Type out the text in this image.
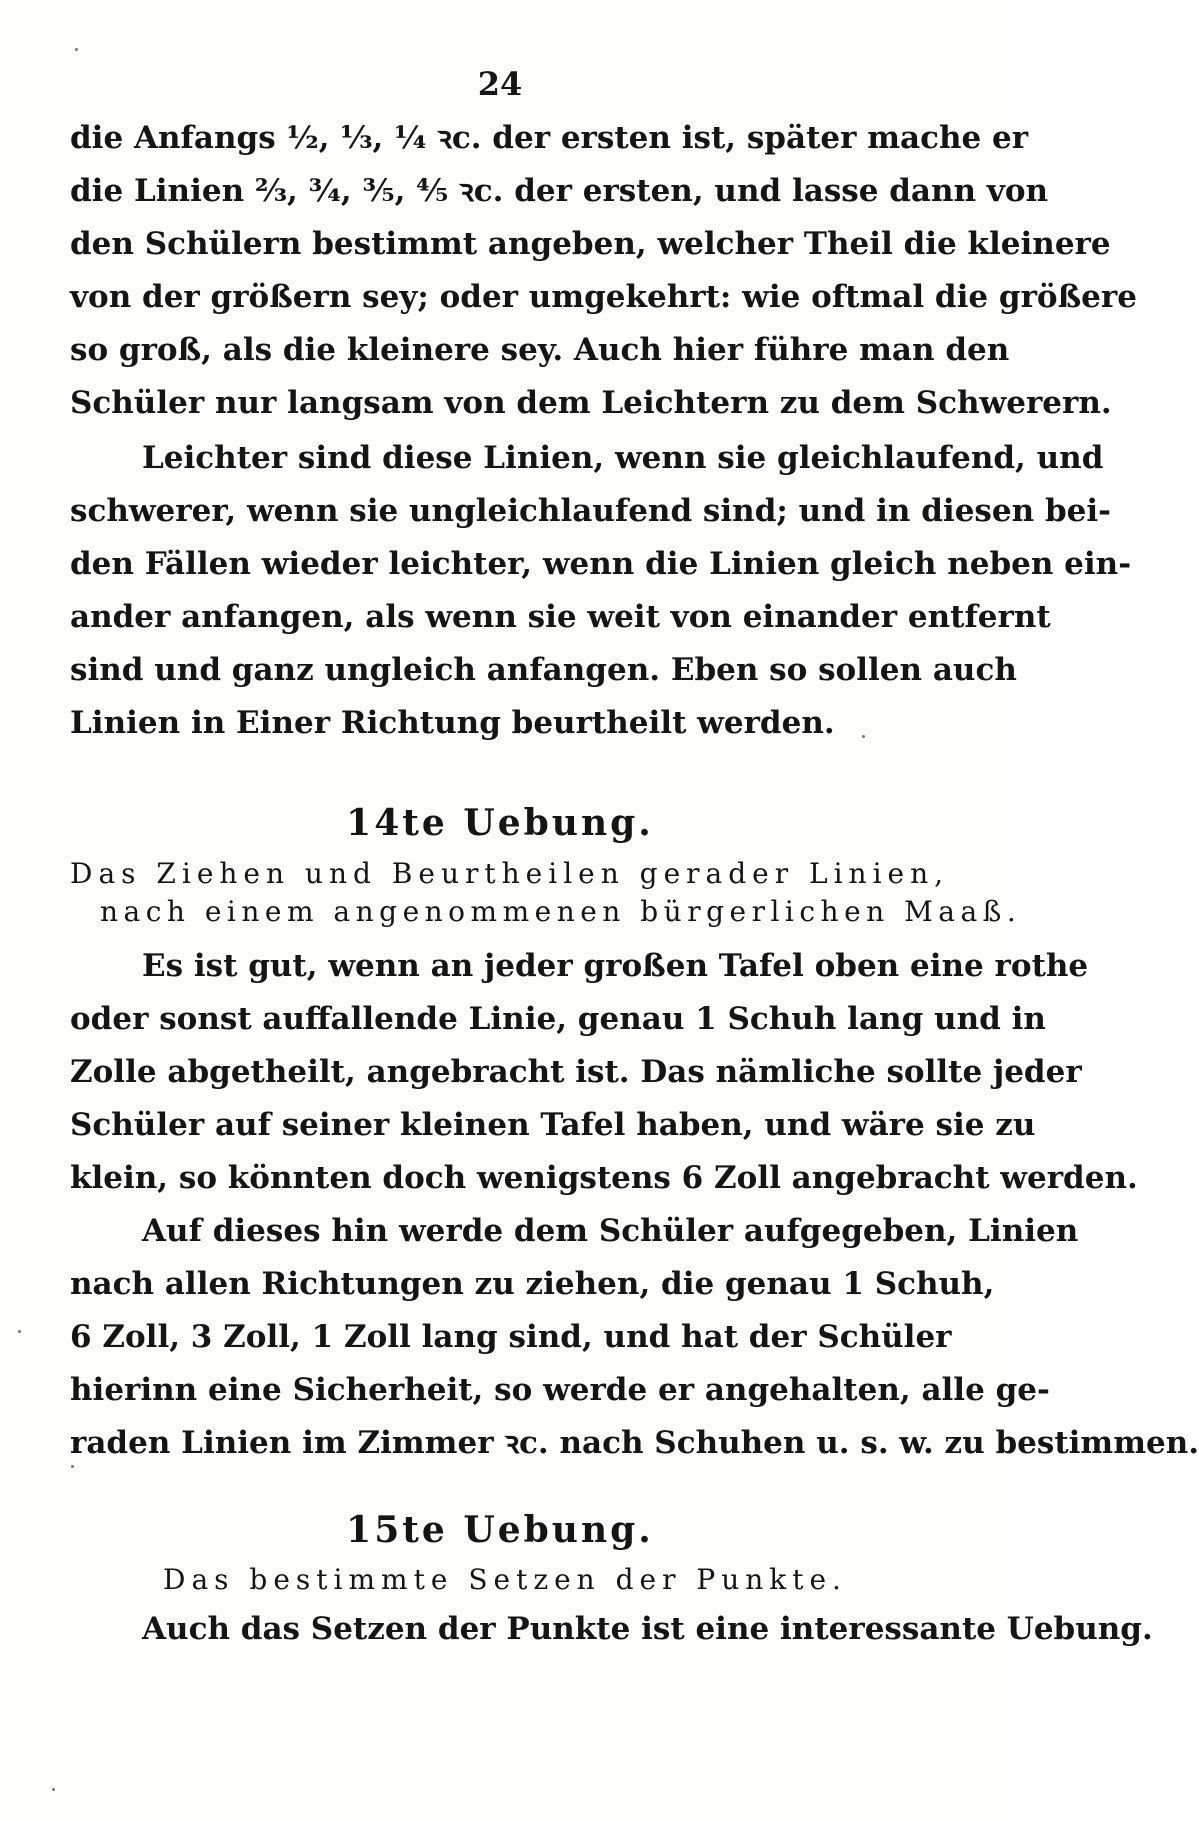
24
die Anfangs ½, ⅓, ¼ ꝛc. der ersten ist, später mache er
die Linien ⅔, ¾, ⅗, ⅘ ꝛc. der ersten, und lasse dann von
den Schülern bestimmt angeben, welcher Theil die kleinere
von der größern sey; oder umgekehrt: wie oftmal die größere
so groß, als die kleinere sey. Auch hier führe man den
Schüler nur langsam von dem Leichtern zu dem Schwerern.
Leichter sind diese Linien, wenn sie gleichlaufend, und
schwerer, wenn sie ungleichlaufend sind; und in diesen bei-
den Fällen wieder leichter, wenn die Linien gleich neben ein-
ander anfangen, als wenn sie weit von einander entfernt
sind und ganz ungleich anfangen. Eben so sollen auch
Linien in Einer Richtung beurtheilt werden.
14te Uebung.
Das Ziehen und Beurtheilen gerader Linien,
nach einem angenommenen bürgerlichen Maaß.
Es ist gut, wenn an jeder großen Tafel oben eine rothe
oder sonst auffallende Linie, genau 1 Schuh lang und in
Zolle abgetheilt, angebracht ist. Das nämliche sollte jeder
Schüler auf seiner kleinen Tafel haben, und wäre sie zu
klein, so könnten doch wenigstens 6 Zoll angebracht werden.
Auf dieses hin werde dem Schüler aufgegeben, Linien
nach allen Richtungen zu ziehen, die genau 1 Schuh,
6 Zoll, 3 Zoll, 1 Zoll lang sind, und hat der Schüler
hierinn eine Sicherheit, so werde er angehalten, alle ge-
raden Linien im Zimmer ꝛc. nach Schuhen u. s. w. zu bestimmen.
15te Uebung.
Das bestimmte Setzen der Punkte.
Auch das Setzen der Punkte ist eine interessante Uebung.
